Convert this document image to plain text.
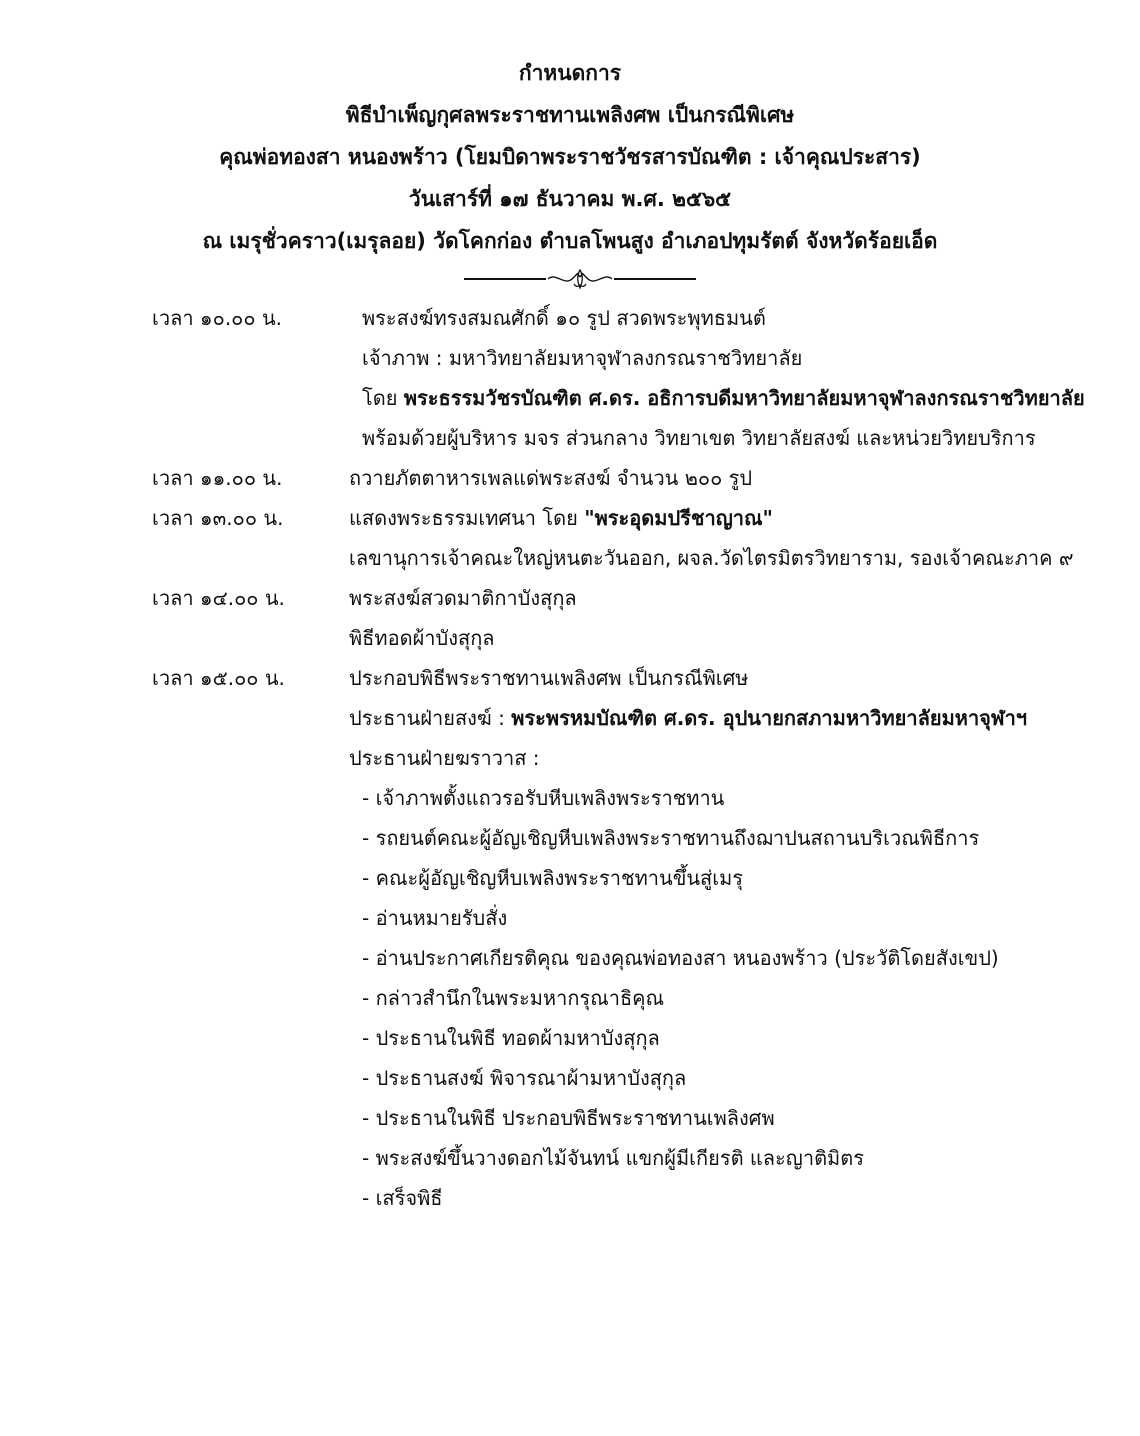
กำหนดการ
พิธีบำเพ็ญกุศลพระราชทานเพลิงศพ เป็นกรณีพิเศษ
คุณพ่อทองสา หนองพร้าว (โยมบิดาพระราชวัชรสารบัณฑิต : เจ้าคุณประสาร)
วันเสาร์ที่ ๑๗ ธันวาคม พ.ศ. ๒๕๖๕
ณ เมรุชั่วคราว(เมรุลอย) วัดโคกก่อง ตำบลโพนสูง อำเภอปทุมรัตต์ จังหวัดร้อยเอ็ด
เวลา ๑๐.๐๐ น.	พระสงฆ์ทรงสมณศักดิ์ ๑๐ รูป สวดพระพุทธมนต์
เจ้าภาพ : มหาวิทยาลัยมหาจุฬาลงกรณราชวิทยาลัย
โดย พระธรรมวัชรบัณฑิต ศ.ดร. อธิการบดีมหาวิทยาลัยมหาจุฬาลงกรณราชวิทยาลัย
พร้อมด้วยผู้บริหาร มจร ส่วนกลาง วิทยาเขต วิทยาลัยสงฆ์ และหน่วยวิทยบริการ
เวลา ๑๑.๐๐ น.	ถวายภัตตาหารเพลแด่พระสงฆ์ จำนวน ๒๐๐ รูป
เวลา ๑๓.๐๐ น.	แสดงพระธรรมเทศนา โดย "พระอุดมปรีชาญาณ"
เลขานุการเจ้าคณะใหญ่หนตะวันออก, ผจล.วัดไตรมิตรวิทยาราม, รองเจ้าคณะภาค ๙
เวลา ๑๔.๐๐ น.	พระสงฆ์สวดมาติกาบังสุกุล
พิธีทอดผ้าบังสุกุล
เวลา ๑๕.๐๐ น.	ประกอบพิธีพระราชทานเพลิงศพ เป็นกรณีพิเศษ
ประธานฝ่ายสงฆ์ : พระพรหมบัณฑิต ศ.ดร. อุปนายกสภามหาวิทยาลัยมหาจุฬาฯ
ประธานฝ่ายฆราวาส :
- เจ้าภาพตั้งแถวรอรับหีบเพลิงพระราชทาน
- รถยนต์คณะผู้อัญเชิญหีบเพลิงพระราชทานถึงฌาปนสถานบริเวณพิธีการ
- คณะผู้อัญเชิญหีบเพลิงพระราชทานขึ้นสู่เมรุ
- อ่านหมายรับสั่ง
- อ่านประกาศเกียรติคุณ ของคุณพ่อทองสา หนองพร้าว (ประวัติโดยสังเขป)
- กล่าวสำนึกในพระมหากรุณาธิคุณ
- ประธานในพิธี ทอดผ้ามหาบังสุกุล
- ประธานสงฆ์ พิจารณาผ้ามหาบังสุกุล
- ประธานในพิธี ประกอบพิธีพระราชทานเพลิงศพ
- พระสงฆ์ขึ้นวางดอกไม้จันทน์ แขกผู้มีเกียรติ และญาติมิตร
- เสร็จพิธี
